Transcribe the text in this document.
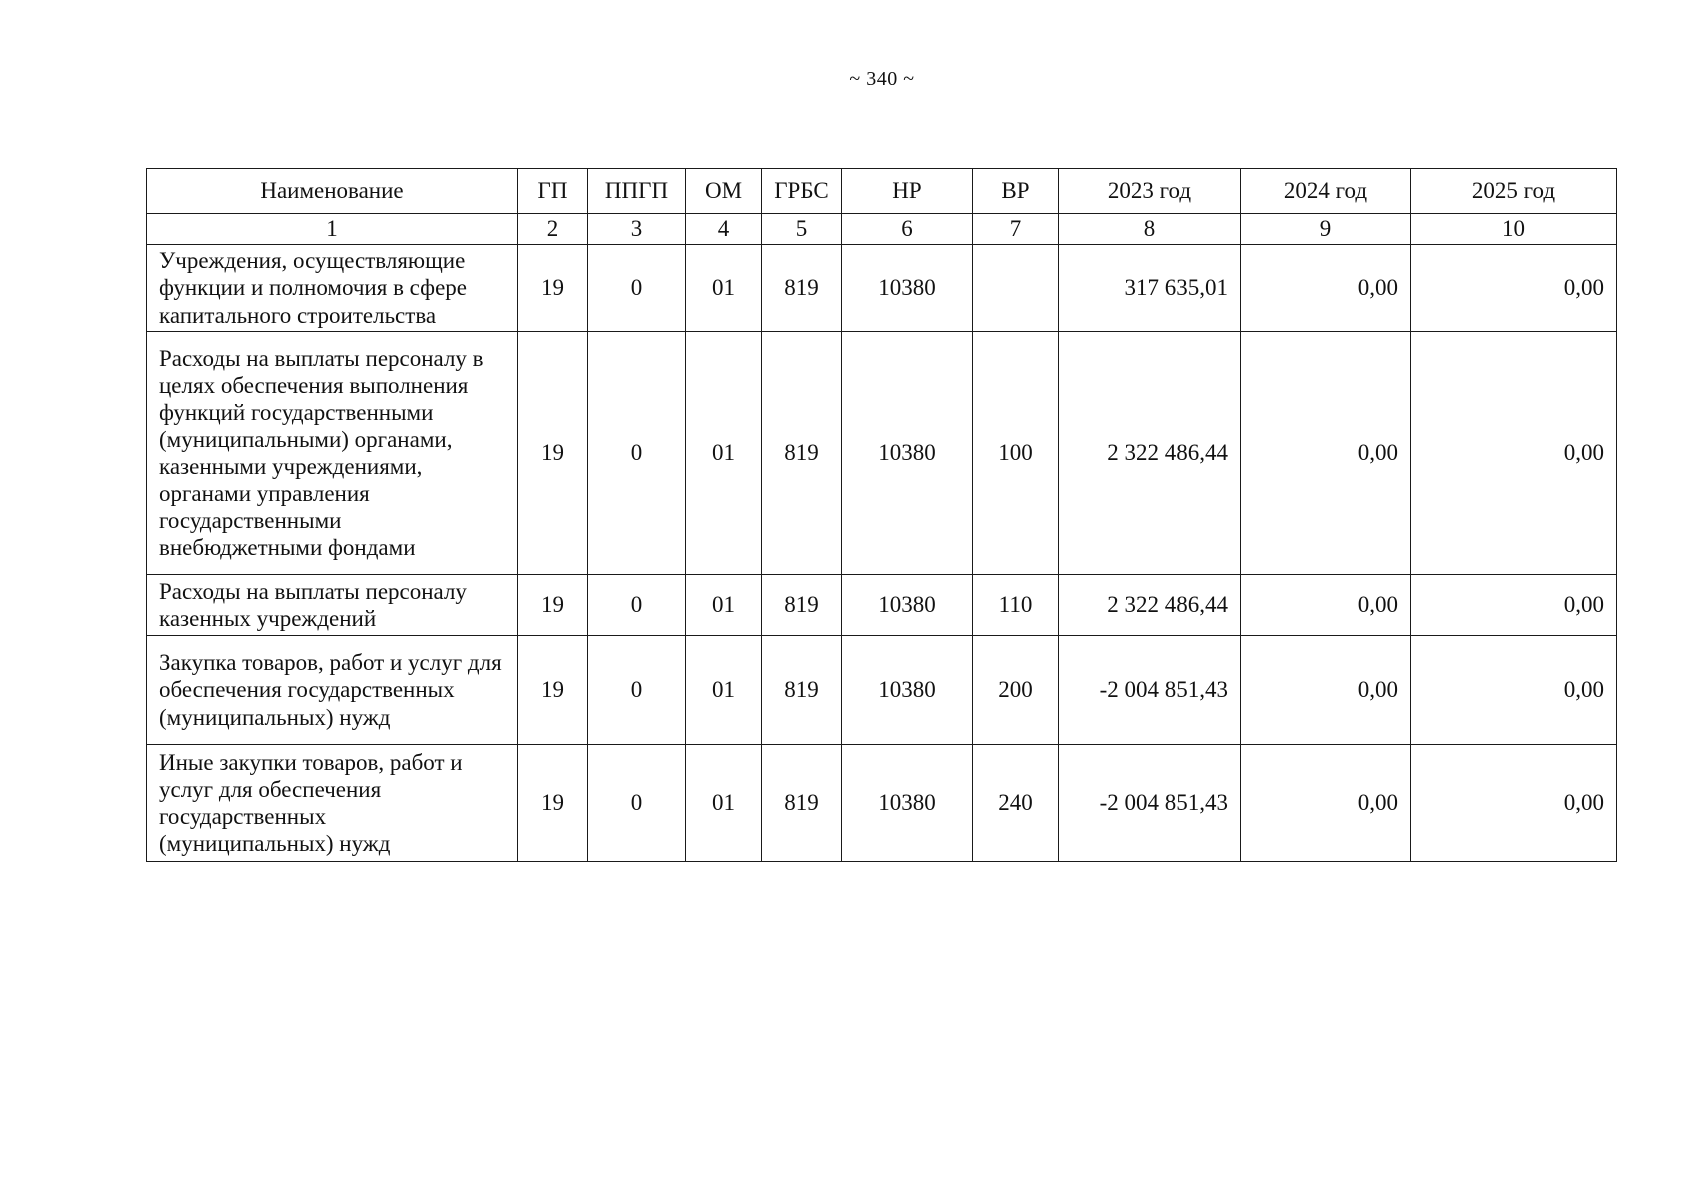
~ 340 ~
Наименование	ГП	ППГП	ОМ	ГРБС	НР	ВР	2023 год	2024 год	2025 год
1	2	3	4	5	6	7	8	9	10
Учреждения, осуществляющие функции и полномочия в сфере капитального строительства	19	0	01	819	10380		317 635,01	0,00	0,00
Расходы на выплаты персоналу в целях обеспечения выполнения функций государственными (муниципальными) органами, казенными учреждениями, органами управления государственными внебюджетными фондами	19	0	01	819	10380	100	2 322 486,44	0,00	0,00
Расходы на выплаты персоналу казенных учреждений	19	0	01	819	10380	110	2 322 486,44	0,00	0,00
Закупка товаров, работ и услуг для обеспечения государственных (муниципальных) нужд	19	0	01	819	10380	200	-2 004 851,43	0,00	0,00
Иные закупки товаров, работ и услуг для обеспечения государственных (муниципальных) нужд	19	0	01	819	10380	240	-2 004 851,43	0,00	0,00
